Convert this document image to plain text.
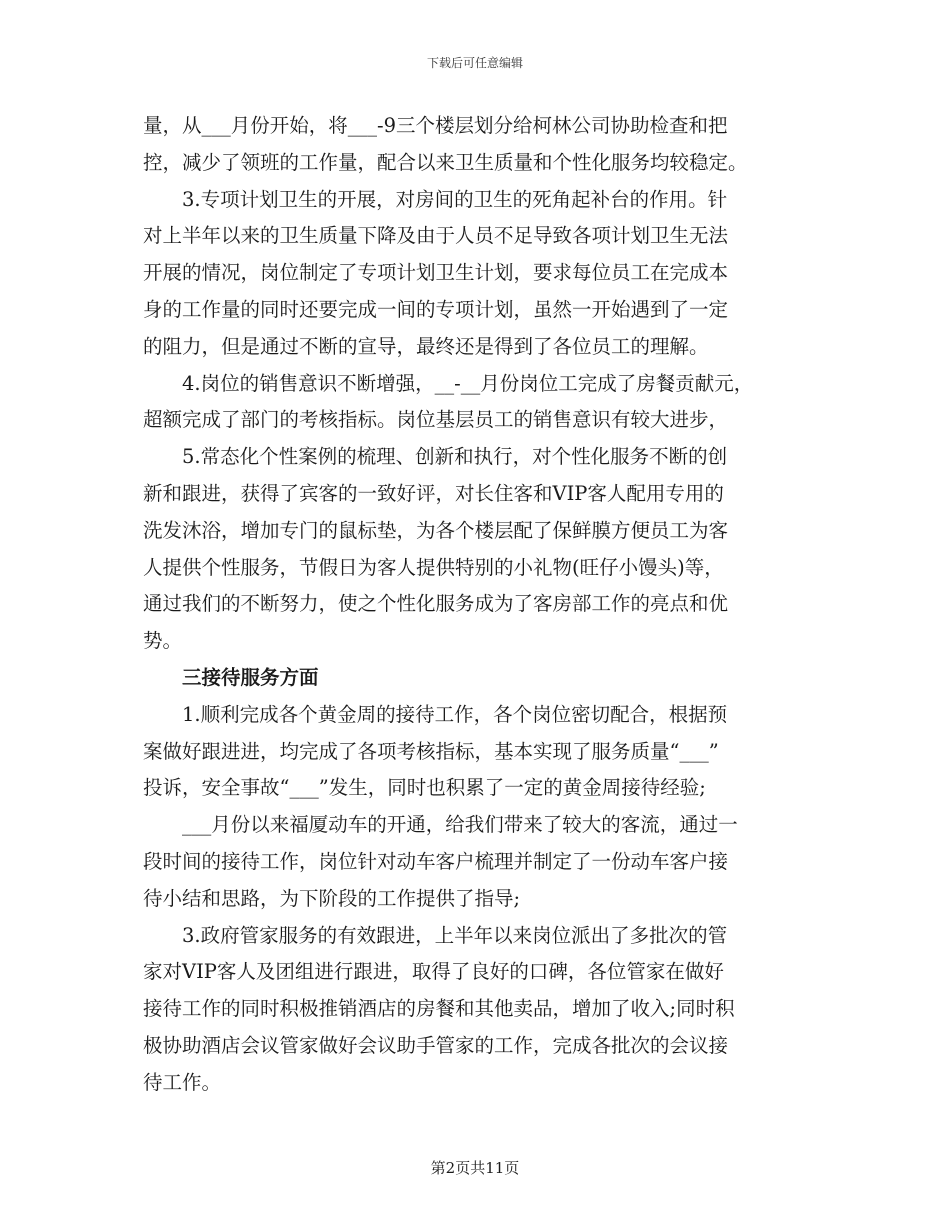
下载后可任意编辑
量，从___月份开始，将___-9三个楼层划分给柯林公司协助检查和把
控，减少了领班的工作量，配合以来卫生质量和个性化服务均较稳定。
3.专项计划卫生的开展，对房间的卫生的死角起补台的作用。针
对上半年以来的卫生质量下降及由于人员不足导致各项计划卫生无法
开展的情况，岗位制定了专项计划卫生计划，要求每位员工在完成本
身的工作量的同时还要完成一间的专项计划，虽然一开始遇到了一定
的阻力，但是通过不断的宣导，最终还是得到了各位员工的理解。
4.岗位的销售意识不断增强，__-__月份岗位工完成了房餐贡献元，
超额完成了部门的考核指标。岗位基层员工的销售意识有较大进步，
5.常态化个性案例的梳理、创新和执行，对个性化服务不断的创
新和跟进，获得了宾客的一致好评，对长住客和VIP客人配用专用的
洗发沐浴，增加专门的鼠标垫，为各个楼层配了保鲜膜方便员工为客
人提供个性服务，节假日为客人提供特别的小礼物(旺仔小馒头)等，
通过我们的不断努力，使之个性化服务成为了客房部工作的亮点和优
势。
三接待服务方面
1.顺利完成各个黄金周的接待工作，各个岗位密切配合，根据预
案做好跟进进，均完成了各项考核指标，基本实现了服务质量“___”
投诉，安全事故“___”发生，同时也积累了一定的黄金周接待经验;
___月份以来福厦动车的开通，给我们带来了较大的客流，通过一
段时间的接待工作，岗位针对动车客户梳理并制定了一份动车客户接
待小结和思路，为下阶段的工作提供了指导;
3.政府管家服务的有效跟进，上半年以来岗位派出了多批次的管
家对VIP客人及团组进行跟进，取得了良好的口碑，各位管家在做好
接待工作的同时积极推销酒店的房餐和其他卖品，增加了收入;同时积
极协助酒店会议管家做好会议助手管家的工作，完成各批次的会议接
待工作。
第2页共11页
